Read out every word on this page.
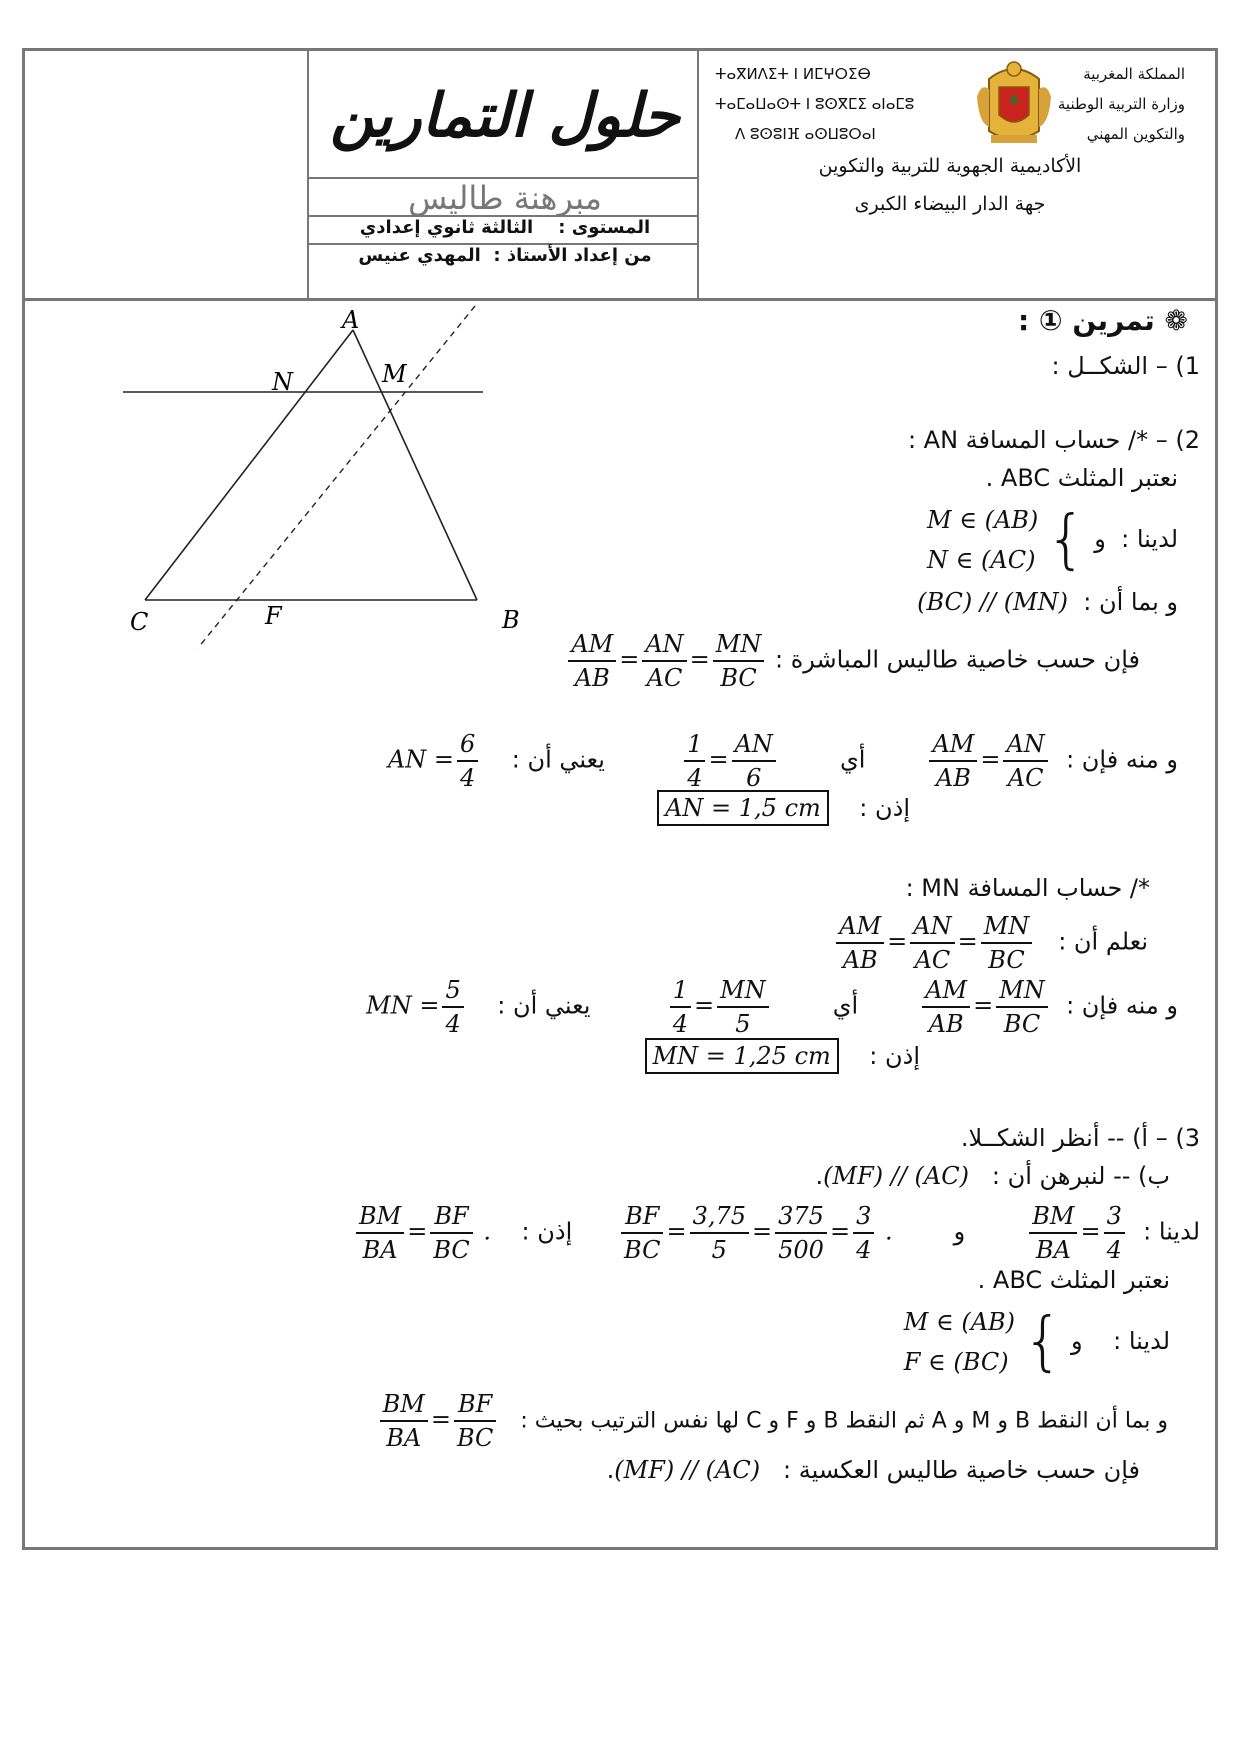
حلول التمارين
مبرهنة طاليس
المستوى :    الثالثة ثانوي إعدادي
من إعداد الأستاذ :  المهدي عنيس
ⵜⴰⴳⵍⴷⵉⵜ ⵏ ⵍⵎⵖⵔⵉⴱ
ⵜⴰⵎⴰⵡⴰⵙⵜ ⵏ ⵓⵙⴳⵎⵉ ⴰⵏⴰⵎⵓ
ⴷ ⵓⵙⵓⵏⴼ ⴰⵙⵡⵓⵔⴰⵏ
المملكة المغربية
وزارة التربية الوطنية
والتكوين المهني
الأكاديمية الجهوية للتربية والتكوين
جهة الدار البيضاء الكبرى
A
N	M
C	F	B
❁ تمرين ① :
1) – الشكــل :
2) – */ حساب المسافة AN :
نعتبر المثلث ABC .
لدينا :  و }
M ∈ (AB)
N ∈ (AC)
و بما أن :  (BC) // (MN)
فإن حسب خاصية طاليس المباشرة :
$\frac{AM}{AB} = \frac{AN}{AC} = \frac{MN}{BC}$
و منه فإن :
$\frac{AM}{AB} = \frac{AN}{AC}$
أي
$\frac{1}{4} = \frac{AN}{6}$
يعني أن :    AN = $\frac{6}{4}$
إذن :    AN = 1,5 cm
*/ حساب المسافة MN :
نعلم أن :
$\frac{AM}{AB} = \frac{AN}{AC} = \frac{MN}{BC}$
و منه فإن :
$\frac{AM}{AB} = \frac{MN}{BC}$
أي
$\frac{1}{4} = \frac{MN}{5}$
يعني أن :    MN = $\frac{5}{4}$
إذن :    MN = 1,25 cm
3) – أ) -- أنظر الشكــلا.
ب) -- لنبرهن أن :   (MF) // (AC).
لدينا :
$\frac{BM}{BA} = \frac{3}{4}$
و
$\frac{BF}{BC} = \frac{3,75}{5} = \frac{375}{500} = \frac{3}{4}$ .      إذن :
$\frac{BM}{BA} = \frac{BF}{BC}$ .
نعتبر المثلث ABC .
لدينا :    و }
M ∈ (AB)
F ∈ (BC)
و بما أن النقط B و M و A ثم النقط B و F و C لها نفس الترتيب بحيث :
$\frac{BM}{BA} = \frac{BF}{BC}$
فإن حسب خاصية طاليس العكسية :   (MF) // (AC).
